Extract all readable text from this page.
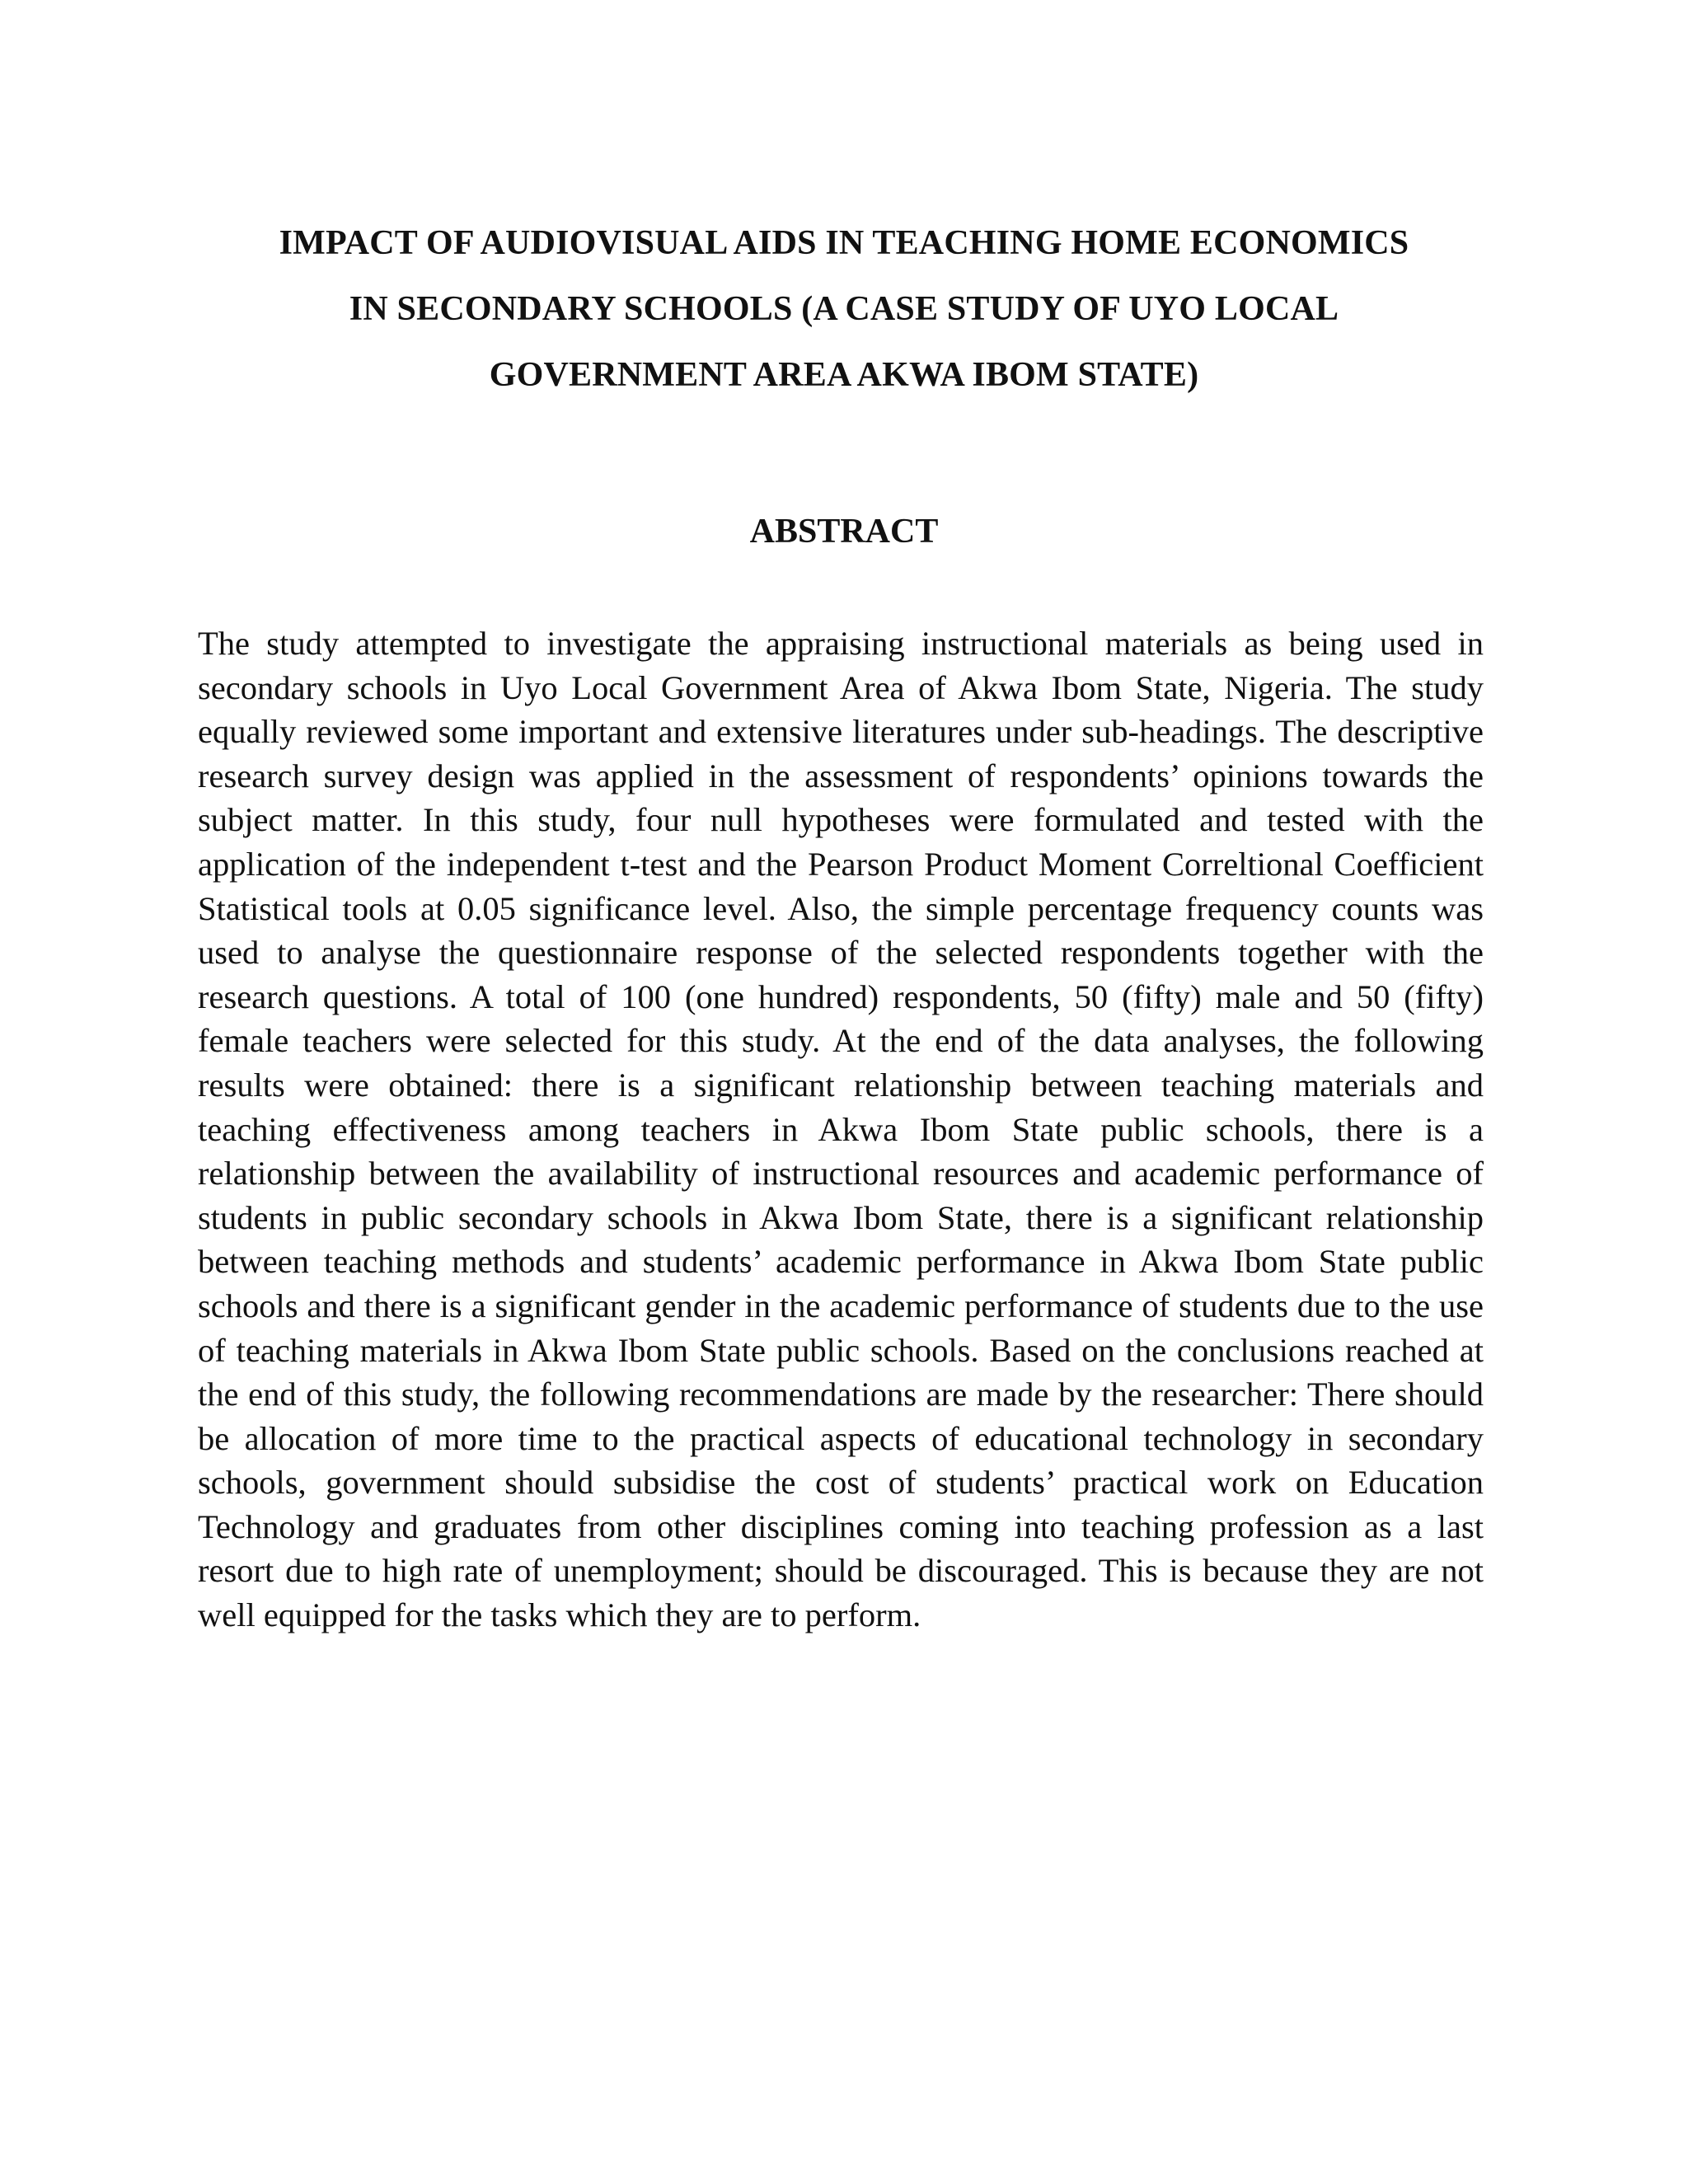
IMPACT OF AUDIOVISUAL AIDS IN TEACHING HOME ECONOMICS
IN SECONDARY SCHOOLS (A CASE STUDY OF UYO LOCAL
GOVERNMENT AREA AKWA IBOM STATE)
ABSTRACT

The study attempted to investigate the appraising instructional materials as being used in secondary schools in Uyo Local Government Area of Akwa Ibom State, Nigeria. The study equally reviewed some important and extensive literatures under sub-headings. The descriptive research survey design was applied in the assessment of respondents’ opinions towards the subject matter. In this study, four null hypotheses were formulated and tested with the application of the independent t-test and the Pearson Product Moment Correltional Coefficient Statistical tools at 0.05 significance level. Also, the simple percentage frequency counts was used to analyse the questionnaire response of the selected respondents together with the research questions. A total of 100 (one hundred) respondents, 50 (fifty) male and 50 (fifty) female teachers were selected for this study. At the end of the data analyses, the following results were obtained: there is a significant relationship between teaching materials and teaching effectiveness among teachers in Akwa Ibom State public schools, there is a relationship between the availability of instructional resources and academic performance of students in public secondary schools in Akwa Ibom State, there is a significant relationship between teaching methods and students’ academic performance in Akwa Ibom State public schools and there is a significant gender in the academic performance of students due to the use of teaching materials in Akwa Ibom State public schools. Based on the conclusions reached at the end of this study, the following recommendations are made by the researcher: There should be allocation of more time to the practical aspects of educational technology in secondary schools, government should subsidise the cost of students’ practical work on Education Technology and graduates from other disciplines coming into teaching profession as a last resort due to high rate of unemployment; should be discouraged. This is because they are not well equipped for the tasks which they are to perform.
